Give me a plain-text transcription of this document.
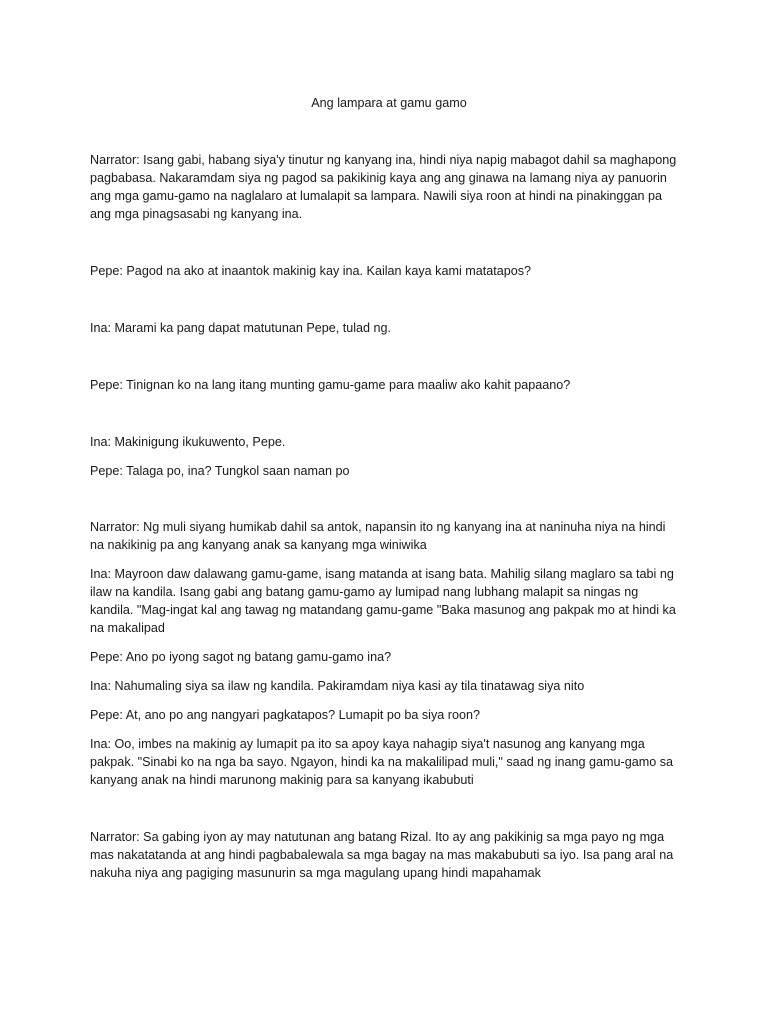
Ang lampara at gamu gamo

Narrator: Isang gabi, habang siya'y tinutur ng kanyang ina, hindi niya napig mabagot dahil sa maghapong
pagbabasa. Nakaramdam siya ng pagod sa pakikinig kaya ang ang ginawa na lamang niya ay panuorin
ang mga gamu-gamo na naglalaro at lumalapit sa lampara. Nawili siya roon at hindi na pinakinggan pa
ang mga pinagsasabi ng kanyang ina.

Pepe: Pagod na ako at inaantok makinig kay ina. Kailan kaya kami matatapos?

Ina: Marami ka pang dapat matutunan Pepe, tulad ng.

Pepe: Tinignan ko na lang itang munting gamu-game para maaliw ako kahit papaano?

Ina: Makinigung ikukuwento, Pepe.

Pepe: Talaga po, ina? Tungkol saan naman po

Narrator: Ng muli siyang humikab dahil sa antok, napansin ito ng kanyang ina at naninuha niya na hindi
na nakikinig pa ang kanyang anak sa kanyang mga winiwika

Ina: Mayroon daw dalawang gamu-game, isang matanda at isang bata. Mahilig silang maglaro sa tabi ng
ilaw na kandila. Isang gabi ang batang gamu-gamo ay lumipad nang lubhang malapit sa ningas ng
kandila. "Mag-ingat kal ang tawag ng matandang gamu-game "Baka masunog ang pakpak mo at hindi ka
na makalipad

Pepe: Ano po iyong sagot ng batang gamu-gamo ina?

Ina: Nahumaling siya sa ilaw ng kandila. Pakiramdam niya kasi ay tila tinatawag siya nito

Pepe: At, ano po ang nangyari pagkatapos? Lumapit po ba siya roon?

Ina: Oo, imbes na makinig ay lumapit pa ito sa apoy kaya nahagip siya't nasunog ang kanyang mga
pakpak. "Sinabi ko na nga ba sayo. Ngayon, hindi ka na makalilipad muli," saad ng inang gamu-gamo sa
kanyang anak na hindi marunong makinig para sa kanyang ikabubuti

Narrator: Sa gabing iyon ay may natutunan ang batang Rizal. Ito ay ang pakikinig sa mga payo ng mga
mas nakatatanda at ang hindi pagbabalewala sa mga bagay na mas makabubuti sa iyo. Isa pang aral na
nakuha niya ang pagiging masunurin sa mga magulang upang hindi mapahamak
